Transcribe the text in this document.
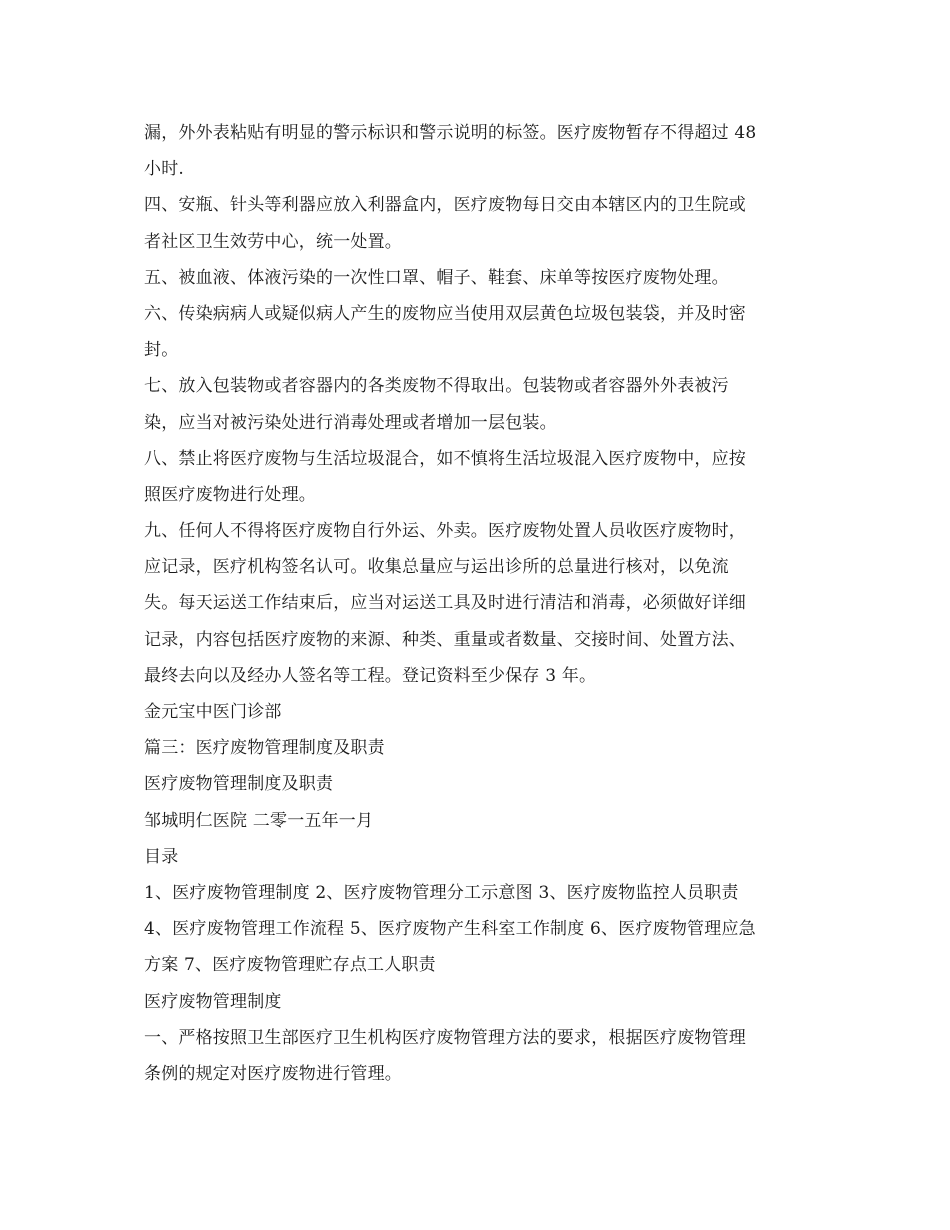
漏，外外表粘贴有明显的警示标识和警示说明的标签。医疗废物暂存不得超过 48
小时.
四、安瓶、针头等利器应放入利器盒内，医疗废物每日交由本辖区内的卫生院或
者社区卫生效劳中心，统一处置。
五、被血液、体液污染的一次性口罩、帽子、鞋套、床单等按医疗废物处理。
六、传染病病人或疑似病人产生的废物应当使用双层黄色垃圾包装袋，并及时密
封。
七、放入包装物或者容器内的各类废物不得取出。包装物或者容器外外表被污
染，应当对被污染处进行消毒处理或者增加一层包装。
八、禁止将医疗废物与生活垃圾混合，如不慎将生活垃圾混入医疗废物中，应按
照医疗废物进行处理。
九、任何人不得将医疗废物自行外运、外卖。医疗废物处置人员收医疗废物时，
应记录，医疗机构签名认可。收集总量应与运出诊所的总量进行核对，以免流
失。每天运送工作结束后，应当对运送工具及时进行清洁和消毒，必须做好详细
记录，内容包括医疗废物的来源、种类、重量或者数量、交接时间、处置方法、
最终去向以及经办人签名等工程。登记资料至少保存 3 年。
金元宝中医门诊部
篇三：医疗废物管理制度及职责
医疗废物管理制度及职责
邹城明仁医院 二零一五年一月
目录
1、医疗废物管理制度 2、医疗废物管理分工示意图 3、医疗废物监控人员职责
4、医疗废物管理工作流程 5、医疗废物产生科室工作制度 6、医疗废物管理应急
方案 7、医疗废物管理贮存点工人职责
医疗废物管理制度
一、严格按照卫生部医疗卫生机构医疗废物管理方法的要求，根据医疗废物管理
条例的规定对医疗废物进行管理。
